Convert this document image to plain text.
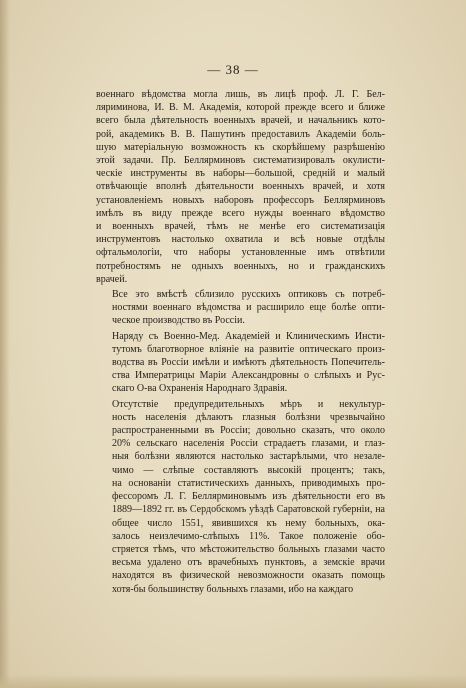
— 38 —

военнаго вѣдомства могла лишь, въ лицѣ проф. Л. Г. Бел-
ляриминова, И. В. М. Академія, которой прежде всего и ближе
всего была дѣятельность военныхъ врачей, и начальникъ кото-
рой, академикъ В. В. Пашутинъ предоставилъ Академіи боль-
шую матеріальную возможность къ скорѣйшему разрѣшенію
этой задачи. Пр. Беллярминовъ систематизировалъ окулисти-
ческіе инструменты въ наборы—большой, средній и малый
отвѣчающіе вполнѣ дѣятельности военныхъ врачей, и хотя
установленіемъ новыхъ наборовъ профессоръ Беллярминовъ
имѣлъ въ виду прежде всего нужды военнаго вѣдомство
и военныхъ врачей, тѣмъ не менѣе его систематизація
инструментовъ настолько охватила и всѣ новые отдѣлы
офтальмологіи, что наборы установленные имъ отвѣтили
потребностямъ не одныхъ военныхъ, но и гражданскихъ
врачей.

Все это вмѣстѣ сблизило русскихъ оптиковъ съ потреб-
ностями военнаго вѣдомства и расширило еще болѣе опти-
ческое производство въ Россіи.

Наряду съ Военно-Мед. Академіей и Клиническимъ Инсти-
тутомъ благотворное вліяніе на развитіе оптическаго произ-
водства въ Россіи имѣли и имѣютъ дѣятельность Попечитель-
ства Императрицы Маріи Александровны о слѣпыхъ и Рус-
скаго О-ва Охраненія Народнаго Здравія.

Отсутствіе предупредительныхъ мѣръ и некультур-
ность населенія дѣлаютъ глазныя болѣзни чрезвычайно
распространенными въ Россіи; довольно сказать, что около
20% сельскаго населенія Россіи страдаетъ глазами, и глаз-
ныя болѣзни являются настолько застарѣлыми, что незале-
чимо — слѣпые составляютъ высокій процентъ; такъ,
на основаніи статистическихъ данныхъ, приводимыхъ про-
фессоромъ Л. Г. Беллярминовымъ изъ дѣятельности его въ
1889—1892 гг. въ Сердобскомъ уѣздѣ Саратовской губерніи, на
общее число 1551, явившихся къ нему больныхъ, ока-
залось неизлечимо-слѣпыхъ 11%. Такое положеніе обо-
стряется тѣмъ, что мѣстожительство больныхъ глазами часто
весьма удалено отъ врачебныхъ пунктовъ, а земскіе врачи
находятся въ физической невозможности оказать помощь
хотя-бы большинству больныхъ глазами, ибо на каждаго
